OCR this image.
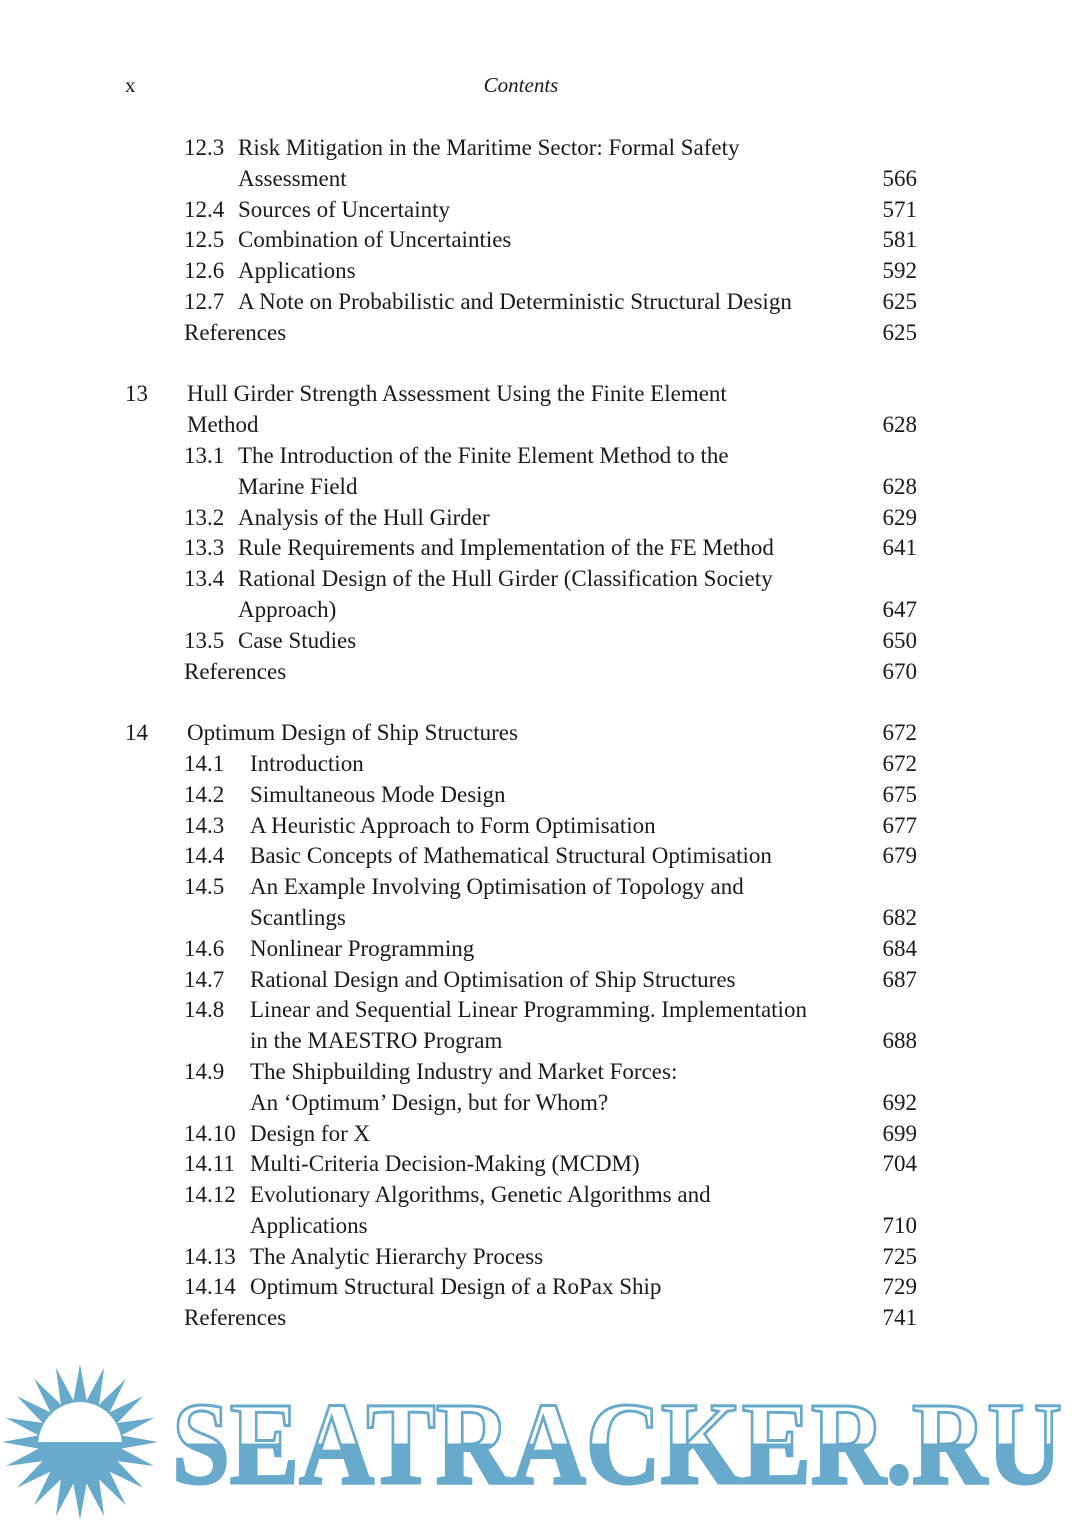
x	Contents
12.3 Risk Mitigation in the Maritime Sector: Formal Safety
Assessment	566
12.4 Sources of Uncertainty	571
12.5 Combination of Uncertainties	581
12.6 Applications	592
12.7 A Note on Probabilistic and Deterministic Structural Design	625
References	625
13 Hull Girder Strength Assessment Using the Finite Element
Method	628
13.1 The Introduction of the Finite Element Method to the
Marine Field	628
13.2 Analysis of the Hull Girder	629
13.3 Rule Requirements and Implementation of the FE Method	641
13.4 Rational Design of the Hull Girder (Classification Society
Approach)	647
13.5 Case Studies	650
References	670
14 Optimum Design of Ship Structures	672
14.1 Introduction	672
14.2 Simultaneous Mode Design	675
14.3 A Heuristic Approach to Form Optimisation	677
14.4 Basic Concepts of Mathematical Structural Optimisation	679
14.5 An Example Involving Optimisation of Topology and
Scantlings	682
14.6 Nonlinear Programming	684
14.7 Rational Design and Optimisation of Ship Structures	687
14.8 Linear and Sequential Linear Programming. Implementation
in the MAESTRO Program	688
14.9 The Shipbuilding Industry and Market Forces:
An ‘Optimum’ Design, but for Whom?	692
14.10 Design for X	699
14.11 Multi-Criteria Decision-Making (MCDM)	704
14.12 Evolutionary Algorithms, Genetic Algorithms and
Applications	710
14.13 The Analytic Hierarchy Process	725
14.14 Optimum Structural Design of a RoPax Ship	729
References	741
SEATRACKER.RU
